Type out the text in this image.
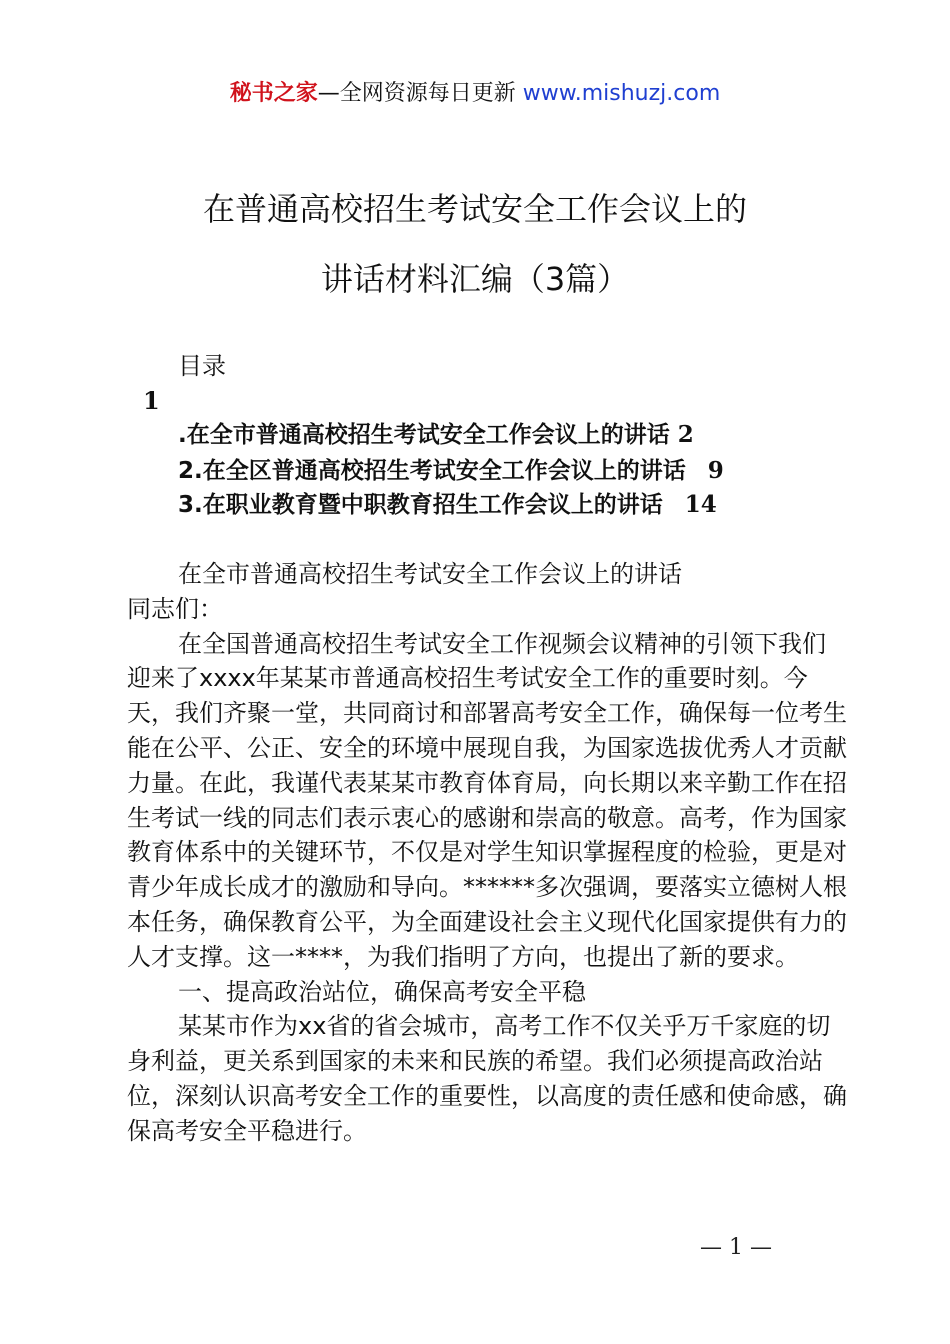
秘书之家—全网资源每日更新 www.mishuzj.com
在普通高校招生考试安全工作会议上的
讲话材料汇编（3篇）
目录
1
.在全市普通高校招生考试安全工作会议上的讲话 2
2.在全区普通高校招生考试安全工作会议上的讲话 9
3.在职业教育暨中职教育招生工作会议上的讲话 14

在全市普通高校招生考试安全工作会议上的讲话

同志们：

在全国普通高校招生考试安全工作视频会议精神的引领下我们迎来了xxxx年某某市普通高校招生考试安全工作的重要时刻。今天，我们齐聚一堂，共同商讨和部署高考安全工作，确保每一位考生能在公平、公正、安全的环境中展现自我，为国家选拔优秀人才贡献力量。在此，我谨代表某某市教育体育局，向长期以来辛勤工作在招生考试一线的同志们表示衷心的感谢和崇高的敬意。高考，作为国家教育体系中的关键环节，不仅是对学生知识掌握程度的检验，更是对青少年成长成才的激励和导向。******多次强调，要落实立德树人根本任务，确保教育公平，为全面建设社会主义现代化国家提供有力的人才支撑。这一****，为我们指明了方向，也提出了新的要求。

一、提高政治站位，确保高考安全平稳

某某市作为xx省的省会城市，高考工作不仅关乎万千家庭的切身利益，更关系到国家的未来和民族的希望。我们必须提高政治站位，深刻认识高考安全工作的重要性，以高度的责任感和使命感，确保高考安全平稳进行。

— 1 —
